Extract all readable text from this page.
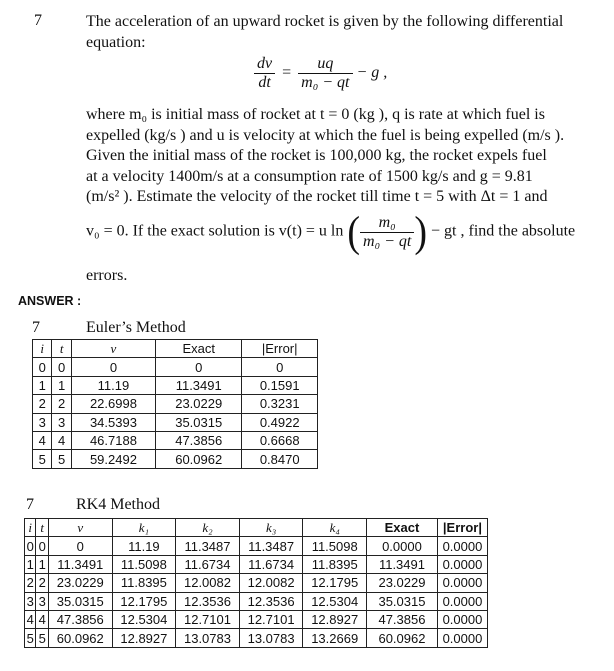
7	The acceleration of an upward rocket is given by the following differential
equation:
$\frac{dv}{dt} = \frac{uq}{\text{m₀ − qt}} - g$ ,
where m₀ is initial mass of rocket at t = 0 (kg ), q is rate at which fuel is
expelled (kg/s ) and u is velocity at which the fuel is being expelled (m/s ).
Given the initial mass of the rocket is 100,000 kg, the rocket expels fuel
at a velocity 1400m/s at a consumption rate of 1500 kg/s and g = 9.81
(m/s² ). Estimate the velocity of the rocket till time t = 5 with Δt = 1 and
v₀ = 0. If the exact solution is v(t) = u ln ( $\frac{\text{m₀}}{\text{m₀ − qt}}$ ) − gt , find the absolute
errors.
ANSWER :
7	Euler’s Method
i	t	v	Exact	|Error|
0	0	0	0	0
1	1	11.19	11.3491	0.1591
2	2	22.6998	23.0229	0.3231
3	3	34.5393	35.0315	0.4922
4	4	46.7188	47.3856	0.6668
5	5	59.2492	60.0962	0.8470
7	RK4 Method
i	t	v	k₁	k₂	k₃	k₄	Exact	|Error|
0	0	0	11.19	11.3487	11.3487	11.5098	0.0000	0.0000
1	1	11.3491	11.5098	11.6734	11.6734	11.8395	11.3491	0.0000
2	2	23.0229	11.8395	12.0082	12.0082	12.1795	23.0229	0.0000
3	3	35.0315	12.1795	12.3536	12.3536	12.5304	35.0315	0.0000
4	4	47.3856	12.5304	12.7101	12.7101	12.8927	47.3856	0.0000
5	5	60.0962	12.8927	13.0783	13.0783	13.2669	60.0962	0.0000
